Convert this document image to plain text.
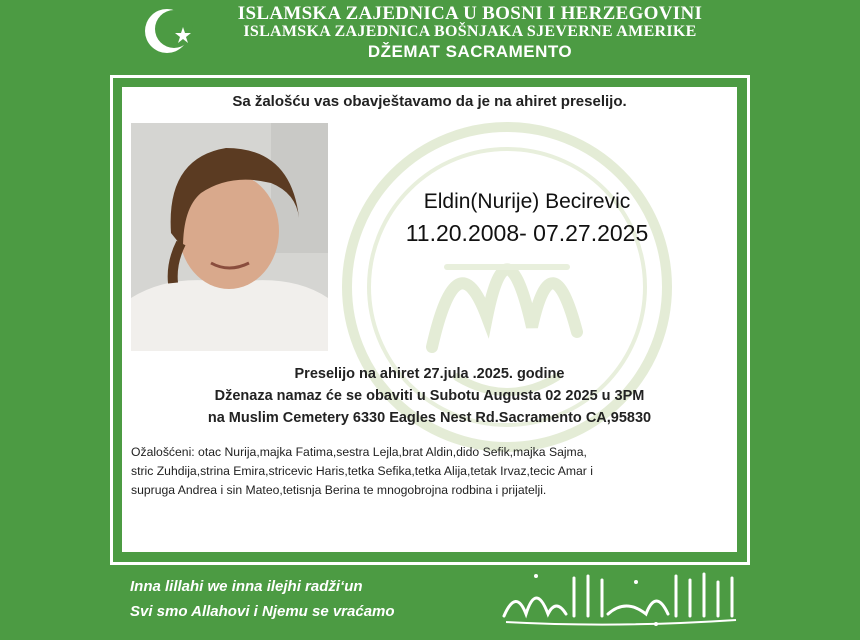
ISLAMSKA ZAJEDNICA U BOSNI I HERZEGOVINI
ISLAMSKA ZAJEDNICA BOŠNJAKA SJEVERNE AMERIKE
DŽEMAT SACRAMENTO
Sa žalošću vas obavještavamo da je na ahiret preselijo.
Eldin(Nurije) Becirevic
11.20.2008- 07.27.2025
Preselijo na ahiret 27.jula .2025. godine
Dženaza namaz će se obaviti u Subotu Augusta 02 2025 u 3PM
na Muslim Cemetery 6330 Eagles Nest Rd.Sacramento CA,95830
Ožalošćeni: otac Nurija,majka Fatima,sestra Lejla,brat Aldin,dido Sefik,majka Sajma,
stric Zuhdija,strina Emira,stricevic Haris,tetka Sefika,tetka Alija,tetak Irvaz,tecic Amar i
supruga Andrea i sin Mateo,tetisnja Berina te mnogobrojna rodbina i prijatelji.
Inna lillahi we inna ilejhi radži‘un
Svi smo Allahovi i Njemu se vraćamo
